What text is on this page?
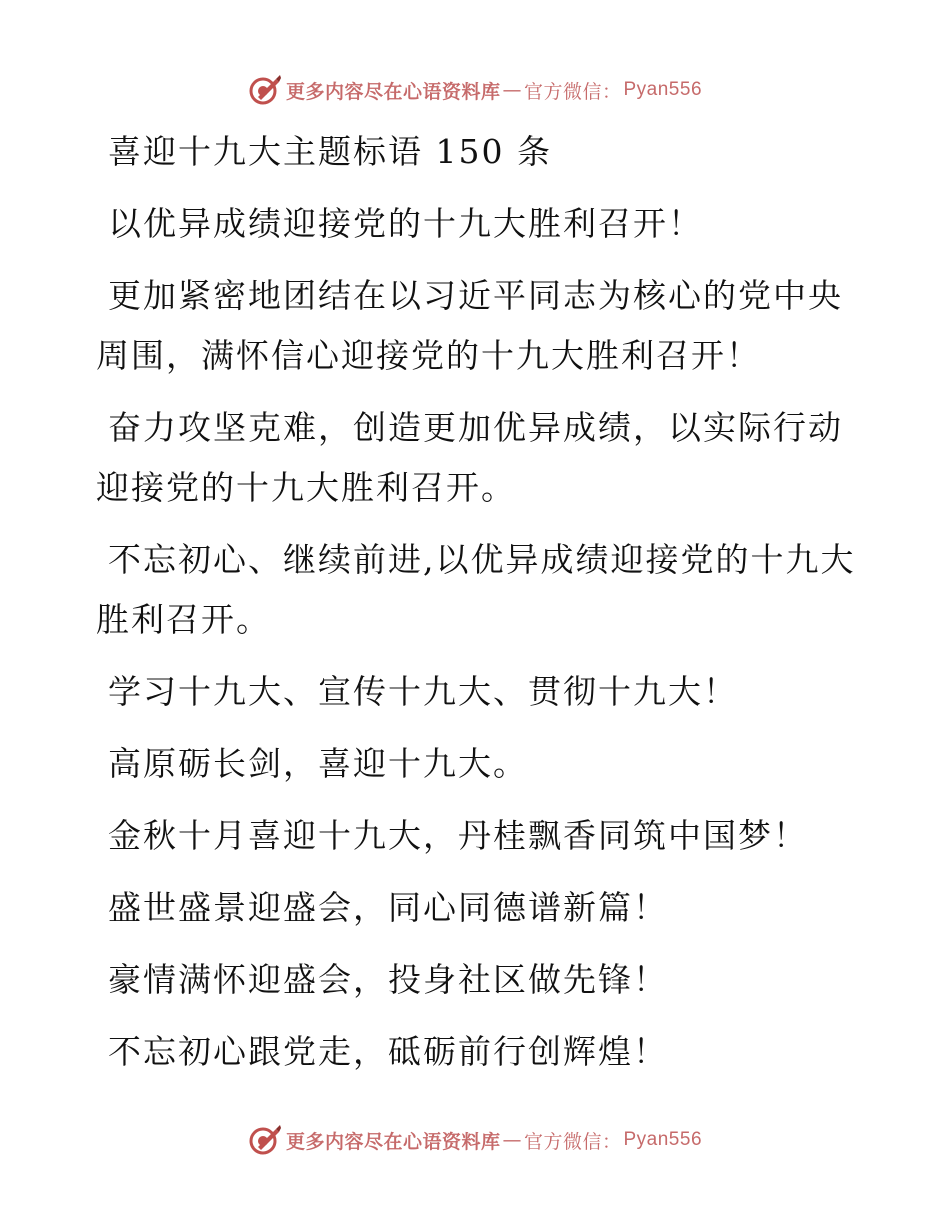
更多内容尽在心语资料库 — 官方微信： Pyan556

喜迎十九大主题标语 150 条

以优异成绩迎接党的十九大胜利召开！

更加紧密地团结在以习近平同志为核心的党中央周围，满怀信心迎接党的十九大胜利召开！

奋力攻坚克难，创造更加优异成绩，以实际行动迎接党的十九大胜利召开。

不忘初心、继续前进,以优异成绩迎接党的十九大胜利召开。

学习十九大、宣传十九大、贯彻十九大！

高原砺长剑，喜迎十九大。

金秋十月喜迎十九大，丹桂飘香同筑中国梦！

盛世盛景迎盛会，同心同德谱新篇！

豪情满怀迎盛会，投身社区做先锋！

不忘初心跟党走，砥砺前行创辉煌！

更多内容尽在心语资料库 — 官方微信： Pyan556
